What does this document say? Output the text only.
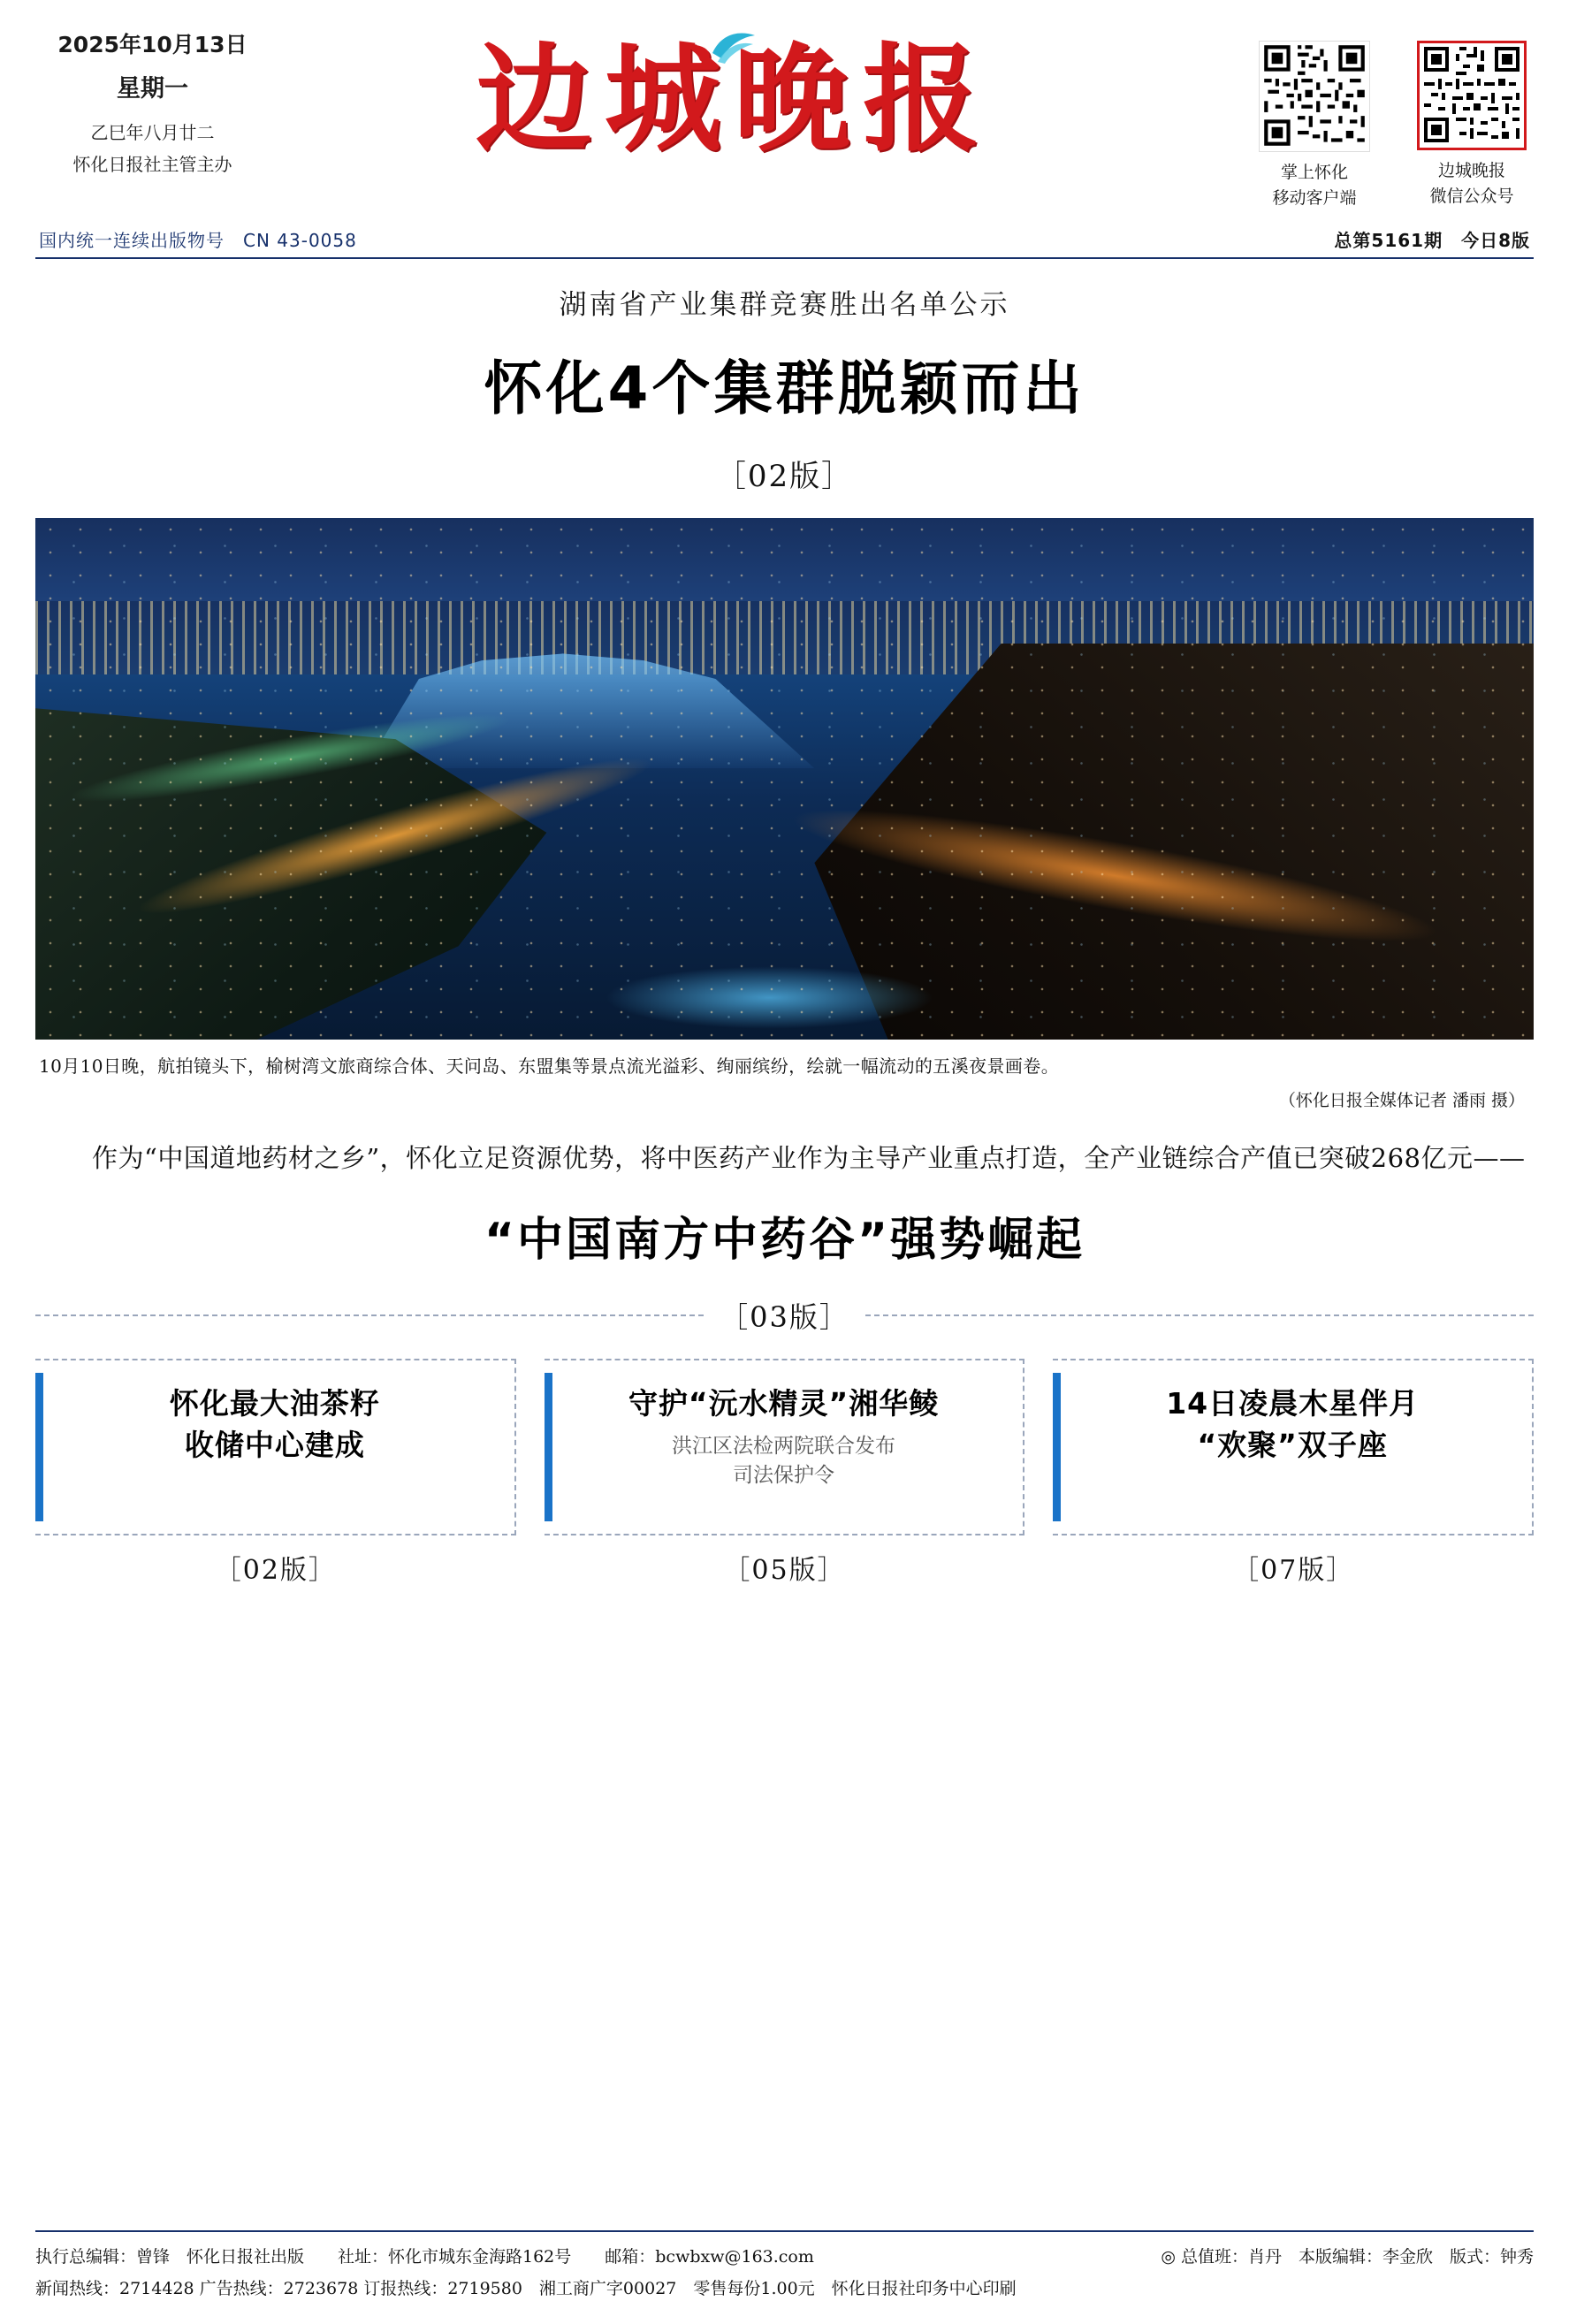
2025年10月13日
星期一
乙巳年八月廿二
怀化日报社主管主办	边城晚报
掌上怀化
移动客户端
边城晚报
微信公众号
国内统一连续出版物号　CN 43-0058	总第5161期　今日8版
湖南省产业集群竞赛胜出名单公示
怀化4个集群脱颖而出
［02版］
10月10日晚，航拍镜头下，榆树湾文旅商综合体、天问岛、东盟集等景点流光溢彩、绚丽缤纷，绘就一幅流动的五溪夜景画卷。
（怀化日报全媒体记者 潘雨 摄）
作为“中国道地药材之乡”，怀化立足资源优势，将中医药产业作为主导产业重点打造，全产业链综合产值已突破268亿元——
“中国南方中药谷”强势崛起
［03版］
怀化最大油茶籽
收储中心建成
守护“沅水精灵”湘华鲮
洪江区法检两院联合发布
司法保护令
14日凌晨木星伴月
“欢聚”双子座
［02版］	［05版］	［07版］
执行总编辑：曾锋　怀化日报社出版　　社址：怀化市城东金海路162号　　邮箱：bcwbxw@163.com
新闻热线：2714428 广告热线：2723678 订报热线：2719580　湘工商广字00027　零售每份1.00元　怀化日报社印务中心印刷
◎ 总值班：肖丹　本版编辑：李金欣　版式：钟秀
